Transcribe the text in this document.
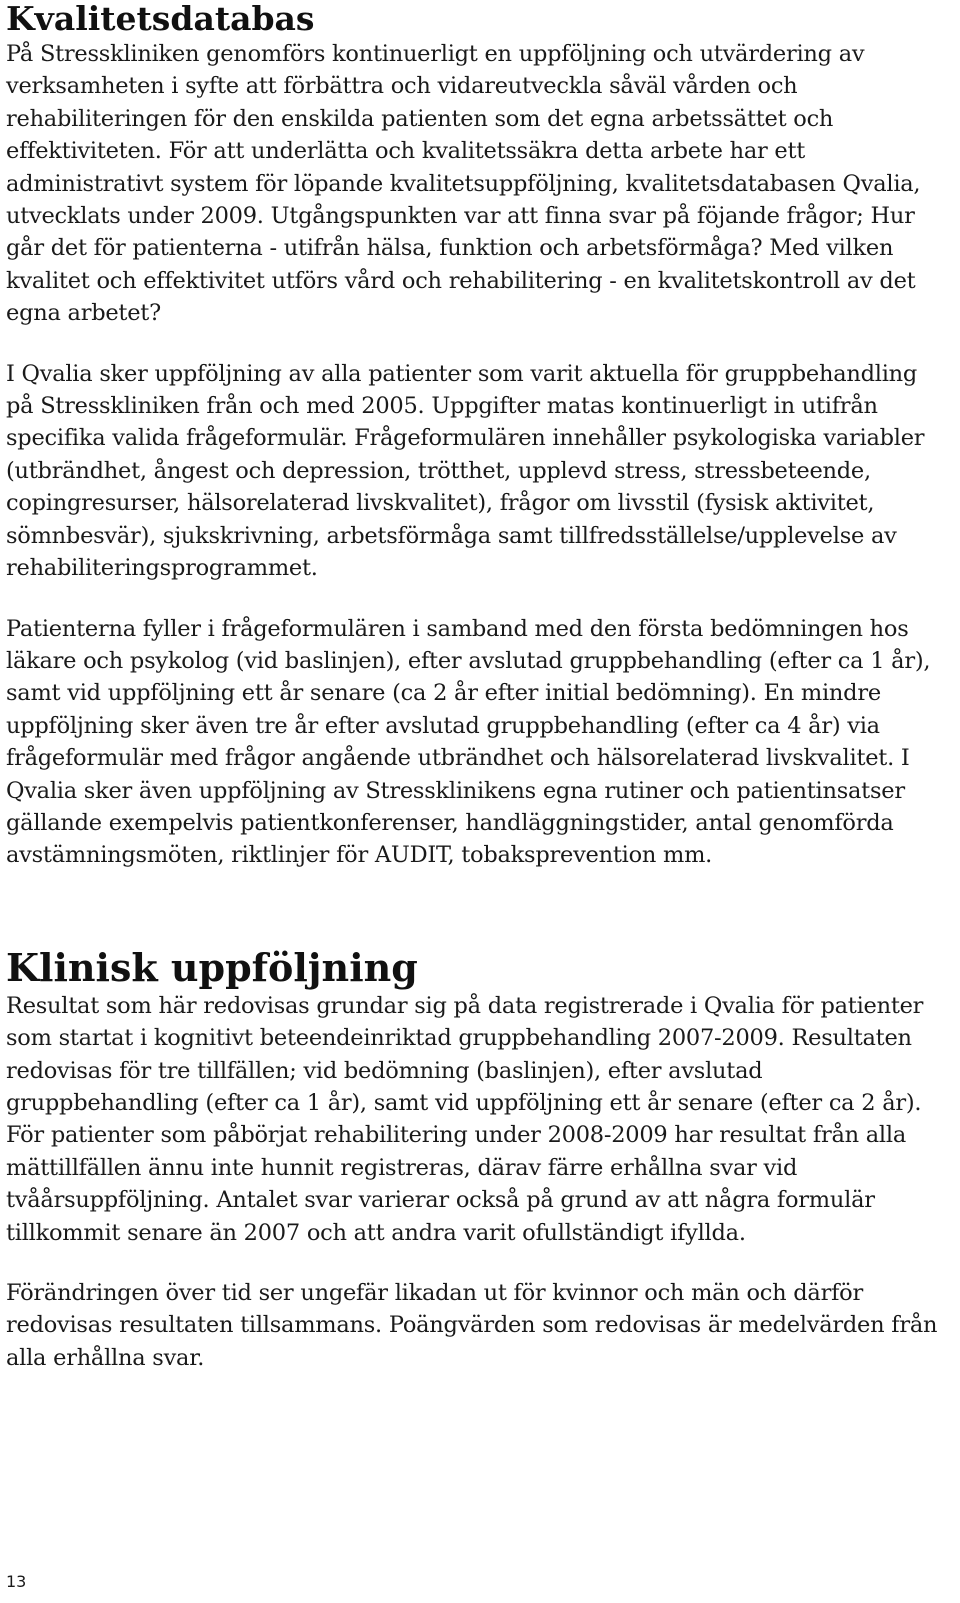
Kvalitetsdatabas

På Stresskliniken genomförs kontinuerligt en uppföljning och utvärdering av verksamheten i syfte att förbättra och vidareutveckla såväl vården och rehabiliteringen för den enskilda patienten som det egna arbetssättet och effektiviteten. För att underlätta och kvalitetssäkra detta arbete har ett administrativt system för löpande kvalitetsuppföljning, kvalitetsdatabasen Qvalia, utvecklats under 2009. Utgångspunkten var att finna svar på föjande frågor; Hur går det för patienterna - utifrån hälsa, funktion och arbetsförmåga? Med vilken kvalitet och effektivitet utförs vård och rehabilitering - en kvalitetskontroll av det egna arbetet?

I Qvalia sker uppföljning av alla patienter som varit aktuella för gruppbehandling på Stresskliniken från och med 2005. Uppgifter matas kontinuerligt in utifrån specifika valida frågeformulär. Frågeformulären innehåller psykologiska variabler (utbrändhet, ångest och depression, trötthet, upplevd stress, stressbeteende, copingresurser, hälsorelaterad livskvalitet), frågor om livsstil (fysisk aktivitet, sömnbesvär), sjukskrivning, arbetsförmåga samt tillfredsställelse/upplevelse av rehabiliteringsprogrammet.

Patienterna fyller i frågeformulären i samband med den första bedömningen hos läkare och psykolog (vid baslinjen), efter avslutad gruppbehandling (efter ca 1 år), samt vid uppföljning ett år senare (ca 2 år efter initial bedömning). En mindre uppföljning sker även tre år efter avslutad gruppbehandling (efter ca 4 år) via frågeformulär med frågor angående utbrändhet och hälsorelaterad livskvalitet. I Qvalia sker även uppföljning av Stressklinikens egna rutiner och patientinsatser gällande exempelvis patientkonferenser, handläggningstider, antal genomförda avstämningsmöten, riktlinjer för AUDIT, tobaksprevention mm.

Klinisk uppföljning

Resultat som här redovisas grundar sig på data registrerade i Qvalia för patienter som startat i kognitivt beteendeinriktad gruppbehandling 2007-2009. Resultaten redovisas för tre tillfällen; vid bedömning (baslinjen), efter avslutad gruppbehandling (efter ca 1 år), samt vid uppföljning ett år senare (efter ca 2 år). För patienter som påbörjat rehabilitering under 2008-2009 har resultat från alla mättillfällen ännu inte hunnit registreras, därav färre erhållna svar vid tvåårsuppföljning. Antalet svar varierar också på grund av att några formulär tillkommit senare än 2007 och att andra varit ofullständigt ifyllda.

Förändringen över tid ser ungefär likadan ut för kvinnor och män och därför redovisas resultaten tillsammans. Poängvärden som redovisas är medelvärden från alla erhållna svar.

13
